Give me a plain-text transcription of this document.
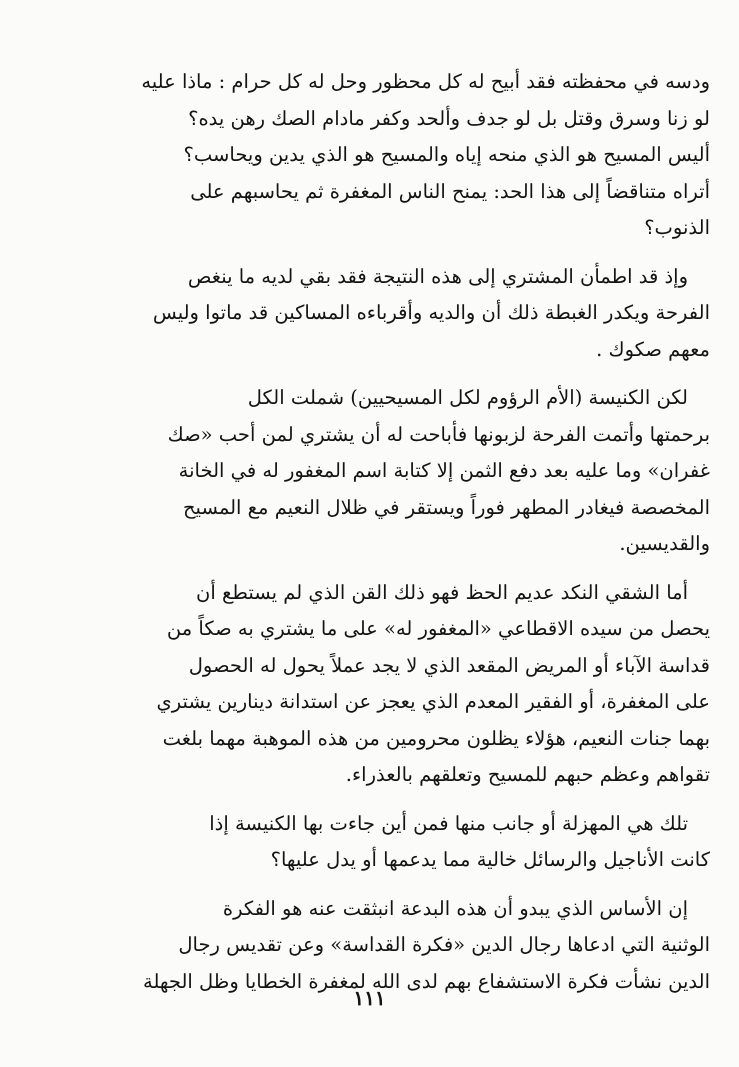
ودسه في محفظته فقد أبيح له كل محظور وحل له كل حرام : ماذا عليه
لو زنا وسرق وقتل بل لو جدف وألحد وكفر مادام الصك رهن يده؟
أليس المسيح هو الذي منحه إياه والمسيح هو الذي يدين ويحاسب؟
أتراه متناقضاً إلى هذا الحد: يمنح الناس المغفرة ثم يحاسبهم على
الذنوب؟
وإذ قد اطمأن المشتري إلى هذه النتيجة فقد بقي لديه ما ينغص
الفرحة ويكدر الغبطة ذلك أن والديه وأقرباءه المساكين قد ماتوا وليس
معهم صكوك .
لكن الكنيسة (الأم الرؤوم لكل المسيحيين) شملت الكل
برحمتها وأتمت الفرحة لزبونها فأباحت له أن يشتري لمن أحب «صك
غفران» وما عليه بعد دفع الثمن إلا كتابة اسم المغفور له في الخانة
المخصصة فيغادر المطهر فوراً ويستقر في ظلال النعيم مع المسيح
والقديسين.
أما الشقي النكد عديم الحظ فهو ذلك القن الذي لم يستطع أن
يحصل من سيده الاقطاعي «المغفور له» على ما يشتري به صكاً من
قداسة الآباء أو المريض المقعد الذي لا يجد عملاً يحول له الحصول
على المغفرة، أو الفقير المعدم الذي يعجز عن استدانة دينارين يشتري
بهما جنات النعيم، هؤلاء يظلون محرومين من هذه الموهبة مهما بلغت
تقواهم وعظم حبهم للمسيح وتعلقهم بالعذراء.
تلك هي المهزلة أو جانب منها فمن أين جاءت بها الكنيسة إذا
كانت الأناجيل والرسائل خالية مما يدعمها أو يدل عليها؟
إن الأساس الذي يبدو أن هذه البدعة انبثقت عنه هو الفكرة
الوثنية التي ادعاها رجال الدين «فكرة القداسة» وعن تقديس رجال
الدين نشأت فكرة الاستشفاع بهم لدى الله لمغفرة الخطايا وظل الجهلة
١١١
